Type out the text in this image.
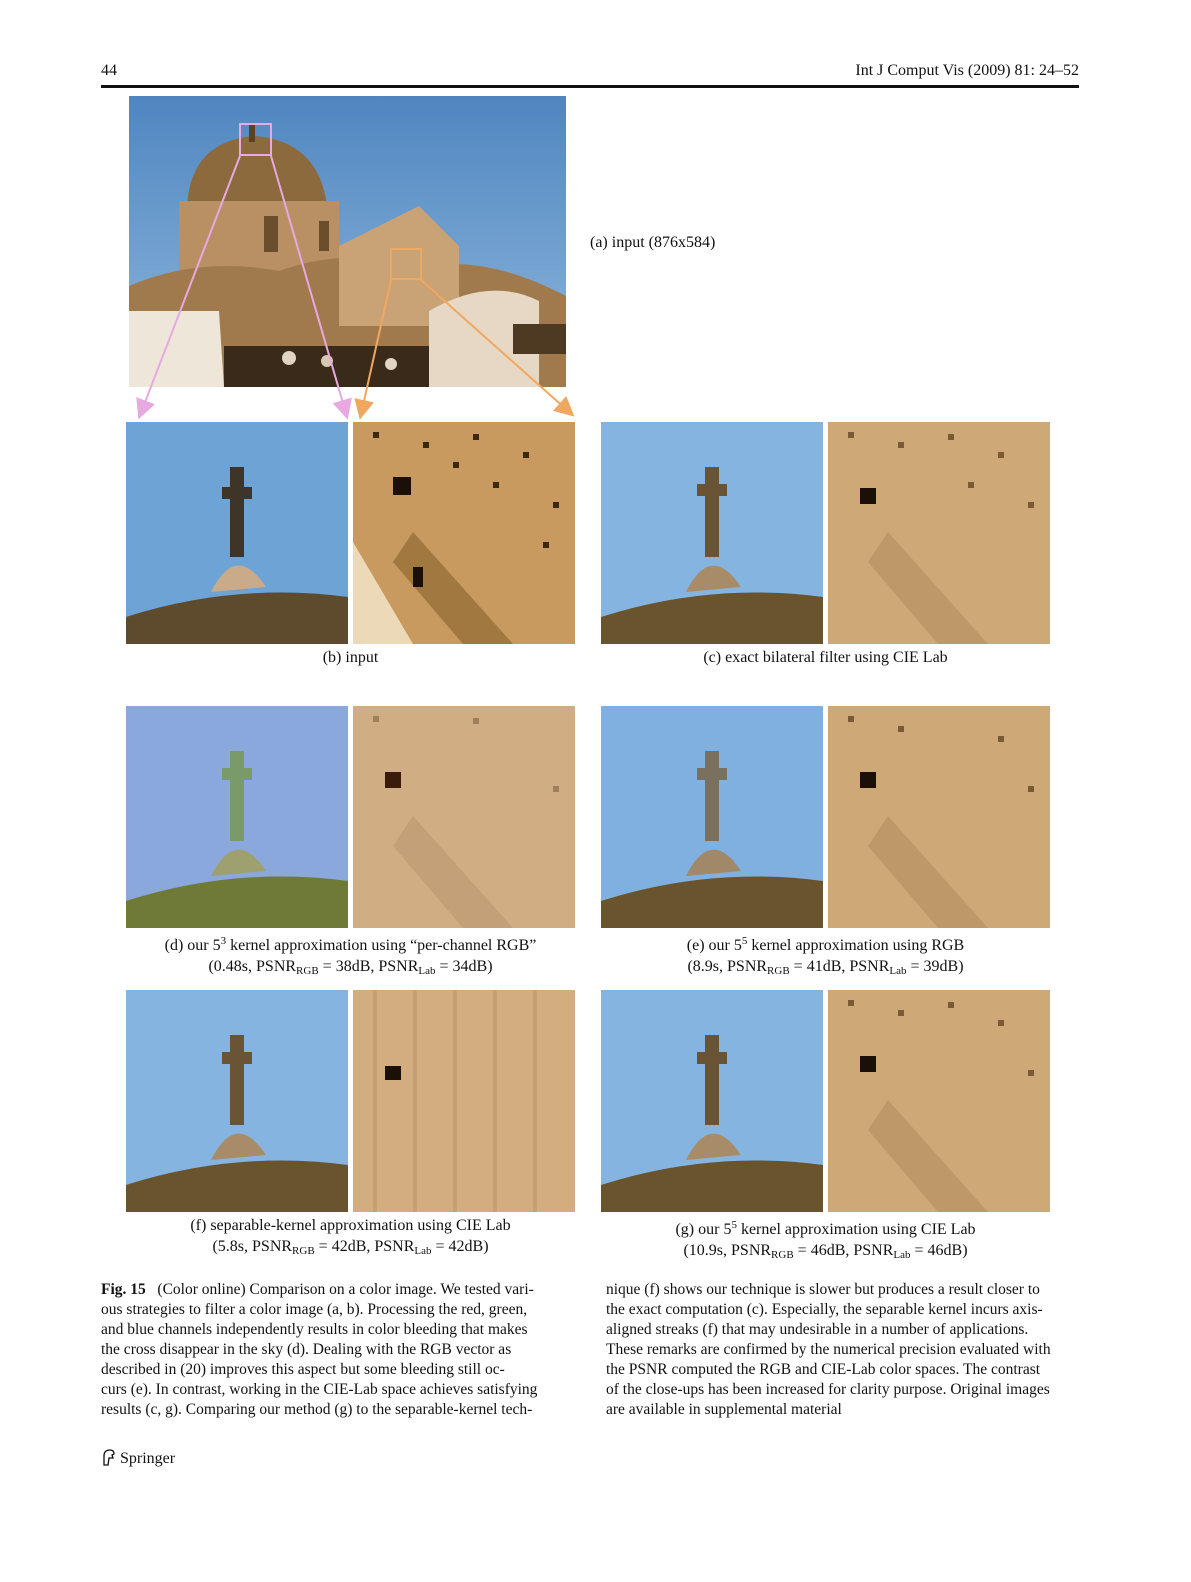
44	Int J Comput Vis (2009) 81: 24–52
(a) input (876x584)
(b) input	(c) exact bilateral filter using CIE Lab
(d) our $5^3$ kernel approximation using “per-channel RGB”
(0.48s, $PSNR_{RGB} = 38dB$, $PSNR_{Lab} = 34dB$)
(e) our $5^5$ kernel approximation using RGB
(8.9s, $PSNR_{RGB} = 41dB$, $PSNR_{Lab} = 39dB$)
(f) separable-kernel approximation using CIE Lab
(5.8s, $PSNR_{RGB} = 42dB$, $PSNR_{Lab} = 42dB$)
(g) our $5^5$ kernel approximation using CIE Lab
(10.9s, $PSNR_{RGB} = 46dB$, $PSNR_{Lab} = 46dB$)
Fig. 15 (Color online) Comparison on a color image. We tested vari-
ous strategies to filter a color image (a, b). Processing the red, green,
and blue channels independently results in color bleeding that makes
the cross disappear in the sky (d). Dealing with the RGB vector as
described in (20) improves this aspect but some bleeding still oc-
curs (e). In contrast, working in the CIE-Lab space achieves satisfying
results (c, g). Comparing our method (g) to the separable-kernel tech-
nique (f) shows our technique is slower but produces a result closer to
the exact computation (c). Especially, the separable kernel incurs axis-
aligned streaks (f) that may undesirable in a number of applications.
These remarks are confirmed by the numerical precision evaluated with
the PSNR computed the RGB and CIE-Lab color spaces. The contrast
of the close-ups has been increased for clarity purpose. Original images
are available in supplemental material
Springer
